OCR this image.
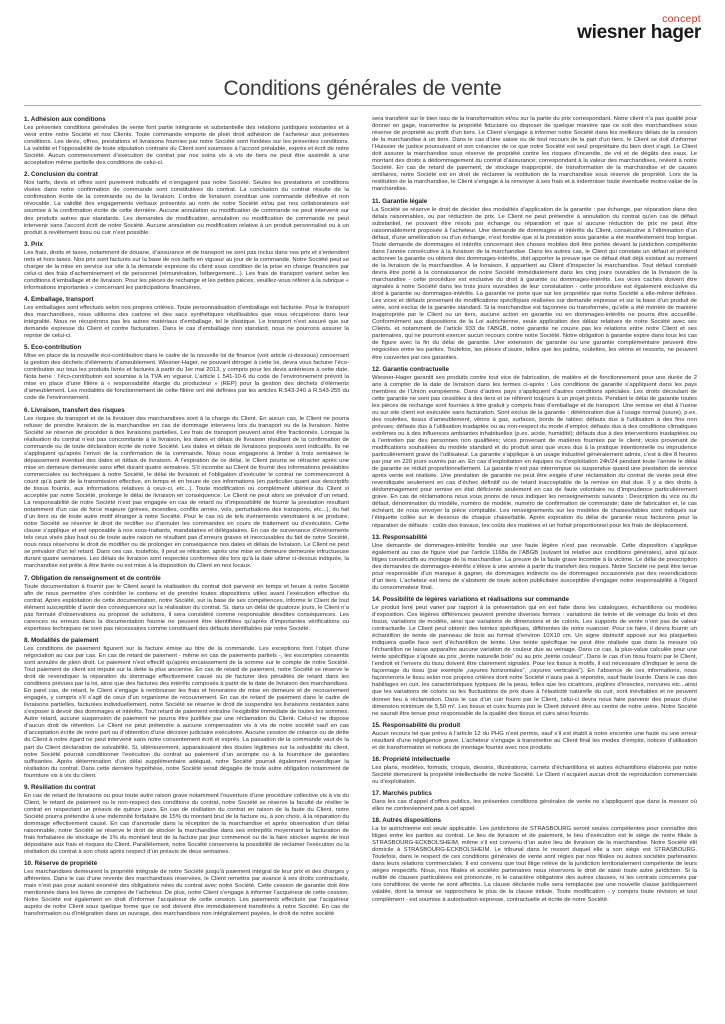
concept
wiesner hager
Conditions générales de vente
1. Adhésion aux conditions

Les présentes conditions générales de vente font partie intégrante et substantielle des relations juridiques existantes et à venir entre notre Société et nos Clients. Toute commande emporte de plein droit adhésion de l’acheteur aux présentes conditions. Les devis, offres, prestations et livraisons fournies par notre Société sont fondées sur les présentes conditions. La validité et l’opposabilité de toute stipulation contraire du Client sont soumises à l’accord préalable, exprès et écrit de notre Société. Aucun commencement d’exécution de contrat par nos soins vis à vis de tiers ne peut être assimilé à une acceptation même partielle des conditions de celui-ci.

2. Conclusion du contrat

Nos tarifs, devis et offres sont purement indicatifs et n’engagent pas notre Société. Seules les prestations et conditions visées dans notre confirmation de commande sont constitutives du contrat. La conclusion du contrat résulte de la confirmation écrite de la commande ou de la livraison. L’ordre de livraison constitue une commande définitive et non révocable. La validité des engagements verbaux présentés au nom de notre Société et/ou par nos collaborateurs est soumise à la confirmation écrite de cette dernière. Aucune annulation ou modification de commande ne peut intervenir sur des produits autres que standards. Les demandes de modification, annulation ou modification de commande ne peut intervenir sans l’accord écrit de notre Société. Aucune annulation ou modification relative à un produit personnalisé ou à un produit à revêtement tissu ou cuir n’est possible.

3. Prix

Les frais, droits et taxes, notamment de douane, d’assurance et de transport ne sont pas inclus dans nos prix et s’entendent nets et hors taxes. Nos prix sont facturés sur la base de nos tarifs en vigueur au jour de la commande. Notre Société peut se charger de la mise en service sur site à la demande expresse du client sous condition de la prise en charge financière par celui-ci des frais d’acheminement et de personnel (rémunération, hébergement...). Les frais de transport varient selon les conditions d’emballage et de livraison. Pour les pièces de rechange et les petites pièces, veuillez-vous référer à la rubrique « informations importantes » concernant les participations financières.

4. Emballage, transport

Les emballages sont effectués selon nos propres critères. Toute personnalisation d’emballage est facturée. Pour le transport des marchandises, nous utilisons des cartons et des sacs synthétiques réutilisables que nous récupérons dans leur intégralité. Nous ne récupérons pas les autres matériaux d’emballage, tel le plastique. Le transport n’est assuré que sur demande expresse du Client et contre facturation. Dans le cas d’emballage non standard, nous ne pourrons assurer la reprise de celui-ci.

5. Eco-contribution

Mise en place de la nouvelle éco-contribution dans le cadre de la nouvelle loi de finance (voir article ci-dessous) concernant la gestion des déchets d’éléments d’ameublement. Wiesner-Hager, ne pouvant déroger à cette loi, devra vous facturer l’éco-contribution sur tous les produits livrés et facturés à partir du 1er mai 2013, y compris pour les devis antérieurs à cette date. Nota bene : l’éco-contribution est soumise à la TVA en vigueur. L’article L 541-10-6 du code de l’environnement prévoit la mise en place d’une filière à « responsabilité élargie du producteur » (REP) pour la gestion des déchets d’éléments d’ameublement. Les modalités de fonctionnement de cette filière ont été définies par les articles R.543-240 à R.543-255 du code de l’environnement.

6. Livraison, transfert des risques

Les risques du transport et de la livraison des marchandises sont à la charge du Client. En aucun cas, le Client ne pourra refuser de prendre livraison de la marchandise en cas de dommage intervenu lors du transport ou de la livraison. Notre Société se réserve de procéder à des livraisons partielles. Les frais de transport peuvent ainsi être fractionnés. Lorsque la réalisation du contrat n’est pas concomitante à la livraison, les dates et délais de livraison résultant de la confirmation de commande ou de toute déclaration écrite de notre Société. Les dates et délais de livraisons proposés sont indicatifs. Ils ne s’appliquent qu’après l’envoi de la confirmation de la commande. Nous nous engageons à limiter à trois semaines le dépassement éventuel des dates et délais de livraison. À l’expiration de ce délai, le Client pourra se rétracter après une mise en demeure demeurée sans effet durant quatre semaines. S’il incombe au Client de fournir des informations préalables commerciales ou techniques à notre Société, le délai de livraison et l’obligation d’exécuter le contrat ne commenceront à courir qu’à partir de la transmission effective, en temps et en heure de ces informations (en particulier quant aux descriptifs de tissus fournis, aux informations relatives à ceux-ci, etc...). Toute modification ou complément ultérieur du Client si acceptée par notre Société, prolonge le délai de livraison en conséquence. Le Client ne peut alors se prévaloir d’un retard. La responsabilité de notre Société n’est pas engagée en cas de retard ou d’impossibilité de fournir la prestation résultant notamment d’un cas de force majeure (grèves, incendies, conflits armés, vols, perturbations des transports, etc...), du fait d’un tiers ou de toute autre motif étranger à notre Société. Pour le cas où de tels événements viendraient à se produire, notre Société se réserve le droit de rectifier ou d’annuler les commandes en cours de traitement ou d’exécution. Cette clause s’applique et est opposable à nos sous-traitants, mandataires et délégataires. En cas de survenance d’événements tels ceux visés plus haut ou de toute autre raison ne résultant pas d’erreurs graves et inexcusables du fait de notre Société, nous nous réservons le droit de modifier ou de prolonger en conséquence nos dates et délais de livraison. Le Client ne peut se prévaloir d’un tel retard. Dans ces cas, toutefois, il peut se rétracter, après une mise en demeure demeurée infructueuse durant quatre semaines. Les délais de livraison sont respectés conformes dès lors qu’à la date ultime ci-dessus indiquée, la marchandise est prête à être livrée ou est mise à la disposition du Client en nos locaux.

7. Obligation de renseignement et de contrôle

Toute documentation à fournir par le Client avant la réalisation du contrat doit parvenir en temps et heure à notre Société afin de nous permettre d’en contrôler le contenu et de prendre toutes dispositions utiles avant l’exécution effective du contrat. Après exploitation de cette documentation, notre Société, sur la base de ses compétences, informe le Client de tout élément susceptible d’avoir des conséquences sur la réalisation du contrat. Si, dans un délai de quatorze jours, le Client n’a pas formulé d’observations ou proposé de solutions, il sera considéré comme responsable desdites conséquences. Les carences ou erreurs dans la documentation fournie ne peuvent être identifiées qu’après d’importantes vérifications ou expertises techniques ne sont pas nécessaires comme constituant des défauts identifiables par notre Société.

8. Modalités de paiement

Les conditions de paiement figurent sur la facture émise au titre de la commande. Les exceptions font l’objet d’une négociation au cas par cas. En cas de retard de paiement - même en cas de paiements partiels -, les escomptes consentis sont annulés de plein droit. Le paiement n’est effectif qu’après encaissement de la somme sur le compte de notre Société. Tout paiement de client est imputé sur la dette la plus ancienne. En cas de retard de paiement, notre Société se réserve le droit de revendiquer la réparation du dommage effectivement causé ou de facturer des pénalités de retard dans les conditions prévues par la loi, ainsi que des factures des intérêts composés à partir de la date de livraison des marchandises. En parel cas, de retard, le Client s’engage à rembourser les frais et honoraires de mise en demeure et de recouvrement engagés, y compris s’il s’agit de ceux d’un organisme de recouvrement. En cas de retard de paiement dans le cadre de livraisons partielles, facturées individuellement, notre Société se réserve le droit de suspendre les livraisons restantes sans s’exposer à devoir des dommages et intérêts. Tout retard de paiement entraîne l’exigibilité immédiate de toutes les sommes. Autre retard, aucune suspension de paiement ne pourra être justifiée par une réclamation du Client. Celui-ci ne dispose d’aucun droit de rétention. Le Client ne peut prétendre à aucune compensation vis à vis de notre société sauf en cas d’acceptation écrite de notre part ou d’obtention d’une décision judiciaire exécutoire. Aucune cession de créance ou de dette du Client à notre égard ne peut intervenir sans notre consentement écrit et exprès. La passation de la commande vaut de la part du Client déclaration de solvabilité. Si, ultérieurement, apparaissaient des doutes légitimes sur la solvabilité du client, notre Société pourrait conditionner l’exécution du contrat au paiement d’un acompte ou à la fourniture de garanties suffisantes. Après détermination d’un délai supplémentaire adéquat, notre Société pourrait également revendiquer la résiliation du contrat. Dans cette dernière hypothèse, notre Société serait dégagée de toute autre obligation notamment de fourniture vis à vis du client.

9. Résiliation du contrat

En cas de retard de livraisons ou pour toute autre raison grave notamment l’ouverture d’une procédure collective vis à vis du Client, le retard de paiement ou le non-respect des conditions du contrat, notre Société se réserve la faculté de résilier le contrat en respectant un préavis de quinze jours. En cas de résiliation du contrat en raison de la faute du Client, notre Société pourra prétendre à une indemnité forfaitaire de 15% du montant brut de la facture ou, à son choix, à la réparation du dommage effectivement causé. En cas d’anomalie dans la réception de la marchandise et après observation d’un délai raisonnable, notre Société se réserve le droit de stocker la marchandise dans ses entrepôts moyennant la facturation de frais forfaitaires de stockage de 1% du montant brut de la facture par jour commencé ou de la faire stocker auprès de tout dépositaire aux frais et risques du Client. Parallèlement, notre Société conservera la possibilité de réclamer l’exécution ou la résiliation du contrat à son choix après respect d’un préavis de deux semaines.

10. Réserve de propriété

Les marchandises demeurent la propriété intégrale de notre Société jusqu’à paiement intégral de leur prix et des charges y afférentes. Dans le cas d’une revente des marchandises réservées, le Client remettra par avance à ses droits contractuels, mais n’est pas pour autant exonéré des obligations nées du contrat avec notre Société. Cette cession de garantie doit être mentionnée dans les livres de comptes de l’acheteur. De plus, notre Client s’engage à informer l’acquéreur de cette cession. Notre Société est également en droit d’informer l’acquéreur de cette cession. Les paiements effectués par l’acquéreur auprès de notre Client sous quelque forme que ce soit doivent être immédiatement transférés à notre Société. En cas de transformation ou d’intégration dans un ouvrage, des marchandises non intégralement payées, le droit de notre société

sera transféré sur le bien issu de la transformation et/ou sur la partie du prix correspondant. Notre client n’a pas qualité pour donner en gage, transmettre la propriété fiduciaire ou disposer de quelque manière que ce soit des marchandises sous réserve de propriété au profit d’un tiers. Le Client s’engage à informer notre Société dans les meilleurs délais de la cession de la marchandise à un tiers. Dans le cas d’une saisie ou de tout recours de la part d’un tiers, le Client se doit d’informer l’Huissier de justice poursuivant et son créancier de ce que notre Société est seul propriétaire du bien dont s’agit. Le Client doit assurer la marchandise sous réserve de propriété contre les risques d’incendie, de vol et de dégâts des eaux. Le montant des droits à dédommagement du contrat d’assurance; correspondant à la valeur des marchandises, revient à notre Société. En cas de retard de paiement, de stockage inapproprié, de transformation de la marchandise et de causes similaires, notre Société est en droit de réclamer la restitution de la marchandise sous réserve de propriété. Lors de la restitution de la marchandise, le Client s’engage à la renvoyer à ses frais et à indemniser toute éventuelle moins-value de la marchandise.

11. Garantie légale

La Société se réserve le droit de décider des modalités d’application de la garantie : par échange, par réparation dans des délais raisonnables, ou par réduction de prix. Le Client ne peut prétendre à annulation du contrat qu’en cas de défaut substantiel, ne pouvant être résolu par échange ou réparation et que si aucune réduction de prix ne peut être raisonnablement proposée à l’acheteur. Une demande de dommages et intérêts du Client, consécutive à l’élimination d’un défaut, d’une amélioration ou d’un échange, n’est fondée que si la prestation sous garantie a été manifestement trop longue. Toute demande de dommages et intérêts concernant des choses mobiles doit être portée devant la juridiction compétente dans l’année consécutive à la livraison de la marchandise. Dans les autres cas, le Client qui constate un défaut et prétend actionner la garantie ou obtenir des dommages-intérêts, doit apporter la preuve que ce défaut était déjà existant au moment de la livraison de la marchandise. À la livraison, il appartient au Client d’inspecter la marchandise. Tout défaut constaté devra être porté à la connaissance de notre Société immédiatement dans les cinq jours ouvrables de la livraison de la marchandise - cette procédure est exclusive du droit à garantie ou dommages-intérêts. Les vices cachés doivent être signalés à notre Société dans les trois jours ouvrables de leur constatation - cette procédure est également exclusive du droit à garantie ou dommages-intérêts. La garantie ne porte que sur les propriétés que notre Société a elle-même définies. Les vices et défauts provenant de modifications spécifiques réalisées sur demande expresse et sur la base d’un produit de série, sont exclus de la garantie standard. Si la marchandise est façonnée ou transformée, qu’elle a été montée de manière inappropriée par le Client ou un tiers, aucune action en garantie ou en dommages-intérêts ne pourra être accueillie. Conformément aux dispositions de la Loi autrichienne, seule application des délais relatives de notre Société avec ses Clients, et notamment de l’article 933 de l’ABGB, notre garantie ne couvre pas les relations entre notre Client et ses partenaires, qui ne pourront exercer aucun recours contre notre Société. Notre obligation à garantie expire dans tous les cas de figure avec la fin du délai de garantie. Une extension de garantie ou une garantie complémentaire peuvent être négociées entre les parties. Toutefois, les pièces d’usure, telles que les patins, roulettes, les vérins et ressorts, ne peuvent être couvertes par ces garanties.

12. Garantie contractuelle

Wiesner-Hager garantit ses produits contre tout vice de fabrication, de matière et de fonctionnement pour une durée de 2 ans à compter de la date de livraison dans les termes ci-après : Les conditions de garantie s’appliquent dans les pays membres de l’Union européenne. Dans d’autres pays s’appliquent d’autres conditions spéciales. Les droits découlant de cette garantie ne sont pas cessibles à des tiers et se réfèrent toujours à un projet précis. Pendant le délai de garantie toutes les pièces de rechange sont fournies à titre gratuit y compris frais d’emballage et de transport. Une remise en état à l’usine ou sur site client est exécutée sans facturation. Sont exclus de la garantie : détérioration due à l’usage normal (usure), p.ex. des roulettes, tissus d’ameublement, vérins à gaz, surfaces, bords de tables; défauts dus à l’utilisation à des fins non prévues; défauts dus à l’utilisation inadaptée ou au non-respect du mode d’emploi; défauts dus à des conditions climatiques extrêmes ou à des influences ambiantes inhabituelles (p.ex. acide, humidité); défauts dus à des interventions inadaptées ou à l’entretien par des personnes non qualifiées; vices provenant de matières fournies par le client; vices provenant de modifications souhaitées du modèle standard et du produit ainsi que vices dus à la pratique intentionnelle ou imprudence particulièrement grave de l’utilisateur. La garantie s’applique à un usage industriel généralement admis, c’est à dire 8 heures par jour en 220 jours ouvrés par an. En cas d’exploitation en équipes ou d’exploitation 24h/24 pendant toute l’année le délai de garantie se réduit proportionnellement. La garantie n’est pas interrompue ou suspendue quand une prestation de service après vente est réalisée. Une prestation de garantie ne peut être exigée d’une réclamation du contrat de vente peut être revendiquée seulement en cas d’échec définitif ou de retard inacceptable de la remise en état due. Il y a des droits à dédommagement pour remise en état déficiente seulement en cas de faute volontaire ou d’imprudence particulièrement grave. En cas de réclamations nous vous prions de nous indiquer les renseignements suivants : Description du vice ou du défaut, dénomination du modèle, numéro de modèle, numéro de confirmation de commande; date de fabrication et, le cas échéant, de nous envoyer la pièce comptable. Les renseignements sur les modèles de chaises/tables sont indiqués sur l’étiquette collée sur le dessous de chaque chaise/table. Après expiration du délai de garantie nous facturons pour la réparation de défauts : coûts des travaux, les coûts des matières et un forfait proportionnel pour les frais de déplacement.

13. Responsabilité

Une demande de dommages-intérêts fondée sur une faute légère n’est pas recevable. Cette disposition s’applique également au cas de figure visé par l’article 1168a de l’ABGB (suivant loi relative aux conditions générales), ainsi qu’aux litiges consécutifs au montage de la marchandise. La preuve de la faute grave incombe à la victime. Le délai de prescription des demandes de dommages-intérêts s’élève à une année à partir du transfert des risques. Notre Société ne peut être tenue pour responsable d’un manque à gagner, de dommages indirects ou de dommages occasionnés par des revendications d’un tiers. L’acheteur est tenu de s’abstenir de toute action publicitaire susceptible d’engager notre responsabilité à l’égard du consommateur final.

14. Possibilité de légères variations et réalisations sur commande

Le produit livré peut varier par rapport à la présentation qui en est faite dans les catalogues, échantillons ou modèles d’exposition. Ces légères différences peuvent prendre diverses formes : variations de teinte et de veinage du bois et des tissus, variations de modèle, ainsi que variations de dimensions et de coloris. Les supports de vente n’ont pas de valeur contractuelle. Le Client peut obtenir des teintes spécifiques, différentes de notre nuancier. Pour ce faire, il devra fournir un échantillon de teinte de panneau de bois au format d’environ 10X10 cm. Un signe distinctif apposé sur les plaquettes indiquera quelle face sert d’échantillon de teinte. Une teinte spécifique ne peut être réalisée que dans la mesure où l’échantillon ne laisse apparaître aucune variation de couleur due au veinage. Dans ce cas, la plus-value calculée pour une teinte spécifique s’ajoute au prix „teinte naturelle bois“ ou au prix „teinte couleur“. Dans le cas d’un tissu fourni par le Client, l’endroit et l’envers du tissu doivent être clairement signalés. Pour les tissus à motifs, il est nécessaire d’indiquer le sens de façonnage du tissu (par exemple „rayures horizontales“, „rayures verticales“). En l’absence de ces informations, nous façonnerons le tissu selon nos propres critères dont notre Société n’aura pas à répondre, sauf faute lourde. Dans le cas des habillages en cuir, les caractéristiques typiques de la peau, telles que les cicatrices, piqûres d’insectes, nervures etc...ainsi que les variations de coloris ou les fluctuations de prix dues à l’élasticité naturelle du cuir, sont inévitables et ne peuvent donner lieu à réclamation. Dans le cas d’un cuir fourni par le Client, celui-ci devra nous faire parvenir des peaux d’une dimension minimum de 5,50 m². Les tissus et cuirs fournis par le Client doivent être au centre de notre usine. Notre Société ne saurait être tenue pour responsable de la qualité des tissus et cuirs ainsi fournis.

15. Responsabilité du produit

Aucun recours tel que prévu à l’article 12 du PHG n’est permis, sauf s’il est établi à notre encontre une faute ou une erreur résultant d’une négligence grave. L’acheteur s’engage à transmettre au Client final les modes d’emploi, notices d’utilisation et de transformation et notices de montage fournis avec nos produits.

16. Propriété intellectuelle

Les plans, modèles, formats, croquis, dessins, illustrations, carnets d’échantillons et autres échantillons élaborés par notre Société demeurent la propriété intellectuelle de notre Société. Le Client n’acquiert aucun droit de reproduction commerciale ou d’exploitation.

17. Marchés publics

Dans les cas d’appel d’offres publics, les présentes conditions générales de vente ne s’appliquent que dans la mesure où elles ne contreviennent pas à cet appel.

18. Autres dispositions

La loi autrichienne est seule applicable. Les juridictions de STRASBOURG seront seules compétentes pour connaître des litiges entre les parties au contrat. Le lieu de livraison et de paiement, le lieu d’exécution est le siège de notre filiale à STRASBOURG-ECKBOLSHEIM, même s’il est convenu d’un autre lieu de livraison de la marchandise. Notre Société élit domicile à STRASBOURG-ECKBOLSHEIM. Le tribunal dans le ressort duquel elle a son siège est STRASBOURG. Toutefois, dans le respect de ces conditions générales de vente sont régies par nos filiales ou autres sociétés partenaires dans leurs relations commerciales. Il est convenu que tout litige relève de la juridiction territorialement compétente de leurs sièges respectifs. Nous, nos filiales et sociétés partenaires nous réservons le droit de saisir toute autre juridiction. Si la nullité de clauses particulières est prononcée, ni le caractère obligatoire des autres clauses, ni les contrats concernés par ces conditions de vente ne sont affectés. La clause déclarée nulle sera remplacée par une nouvelle clause juridiquement valable, dont la teneur se rapprochera le plus de la clause initiale. Toute modification - y compris toute révision et tout complément - est soumise à autorisation expresse, contractuelle et écrite de notre Société.
